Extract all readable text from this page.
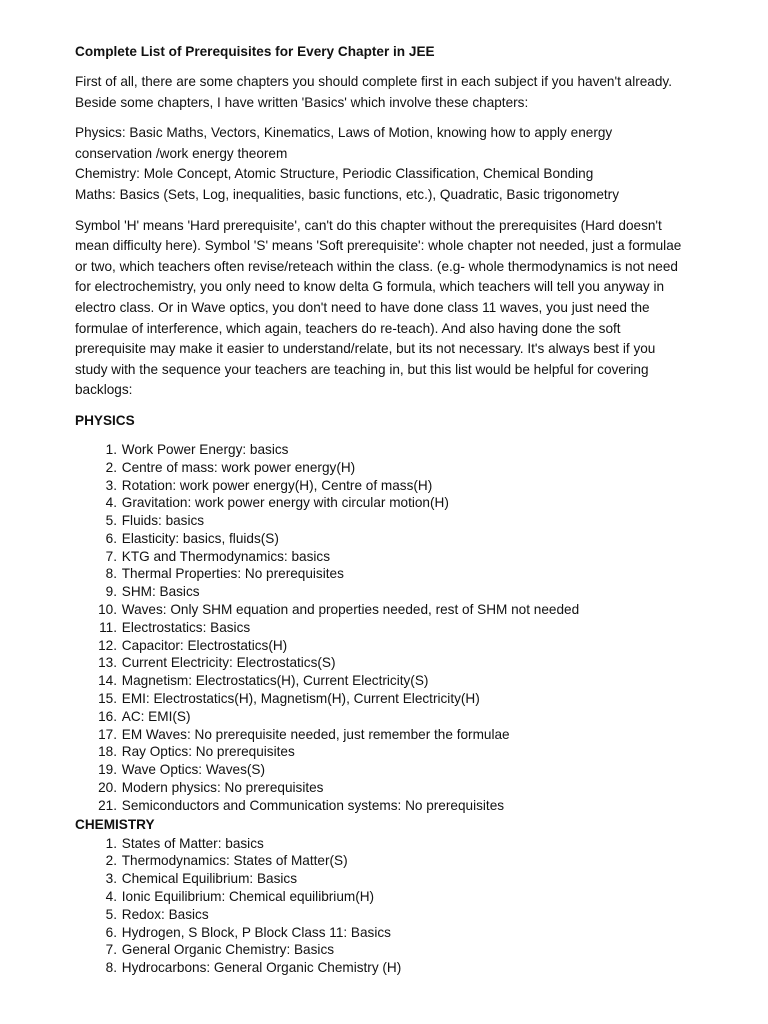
Complete List of Prerequisites for Every Chapter in JEE
First of all, there are some chapters you should complete first in each subject if you haven't already.
Beside some chapters, I have written 'Basics' which involve these chapters:
Physics: Basic Maths, Vectors, Kinematics, Laws of Motion, knowing how to apply energy
conservation /work energy theorem
Chemistry: Mole Concept, Atomic Structure, Periodic Classification, Chemical Bonding
Maths: Basics (Sets, Log, inequalities, basic functions, etc.), Quadratic, Basic trigonometry
Symbol 'H' means 'Hard prerequisite', can't do this chapter without the prerequisites (Hard doesn't
mean difficulty here). Symbol 'S' means 'Soft prerequisite': whole chapter not needed, just a formulae
or two, which teachers often revise/reteach within the class. (e.g- whole thermodynamics is not need
for electrochemistry, you only need to know delta G formula, which teachers will tell you anyway in
electro class. Or in Wave optics, you don't need to have done class 11 waves, you just need the
formulae of interference, which again, teachers do re-teach). And also having done the soft
prerequisite may make it easier to understand/relate, but its not necessary. It's always best if you
study with the sequence your teachers are teaching in, but this list would be helpful for covering
backlogs:
PHYSICS
1. Work Power Energy: basics
2. Centre of mass: work power energy(H)
3. Rotation: work power energy(H), Centre of mass(H)
4. Gravitation: work power energy with circular motion(H)
5. Fluids: basics
6. Elasticity: basics, fluids(S)
7. KTG and Thermodynamics: basics
8. Thermal Properties: No prerequisites
9. SHM: Basics
10. Waves: Only SHM equation and properties needed, rest of SHM not needed
11. Electrostatics: Basics
12. Capacitor: Electrostatics(H)
13. Current Electricity: Electrostatics(S)
14. Magnetism: Electrostatics(H), Current Electricity(S)
15. EMI: Electrostatics(H), Magnetism(H), Current Electricity(H)
16. AC: EMI(S)
17. EM Waves: No prerequisite needed, just remember the formulae
18. Ray Optics: No prerequisites
19. Wave Optics: Waves(S)
20. Modern physics: No prerequisites
21. Semiconductors and Communication systems: No prerequisites
CHEMISTRY
1. States of Matter: basics
2. Thermodynamics: States of Matter(S)
3. Chemical Equilibrium: Basics
4. Ionic Equilibrium: Chemical equilibrium(H)
5. Redox: Basics
6. Hydrogen, S Block, P Block Class 11: Basics
7. General Organic Chemistry: Basics
8. Hydrocarbons: General Organic Chemistry (H)
